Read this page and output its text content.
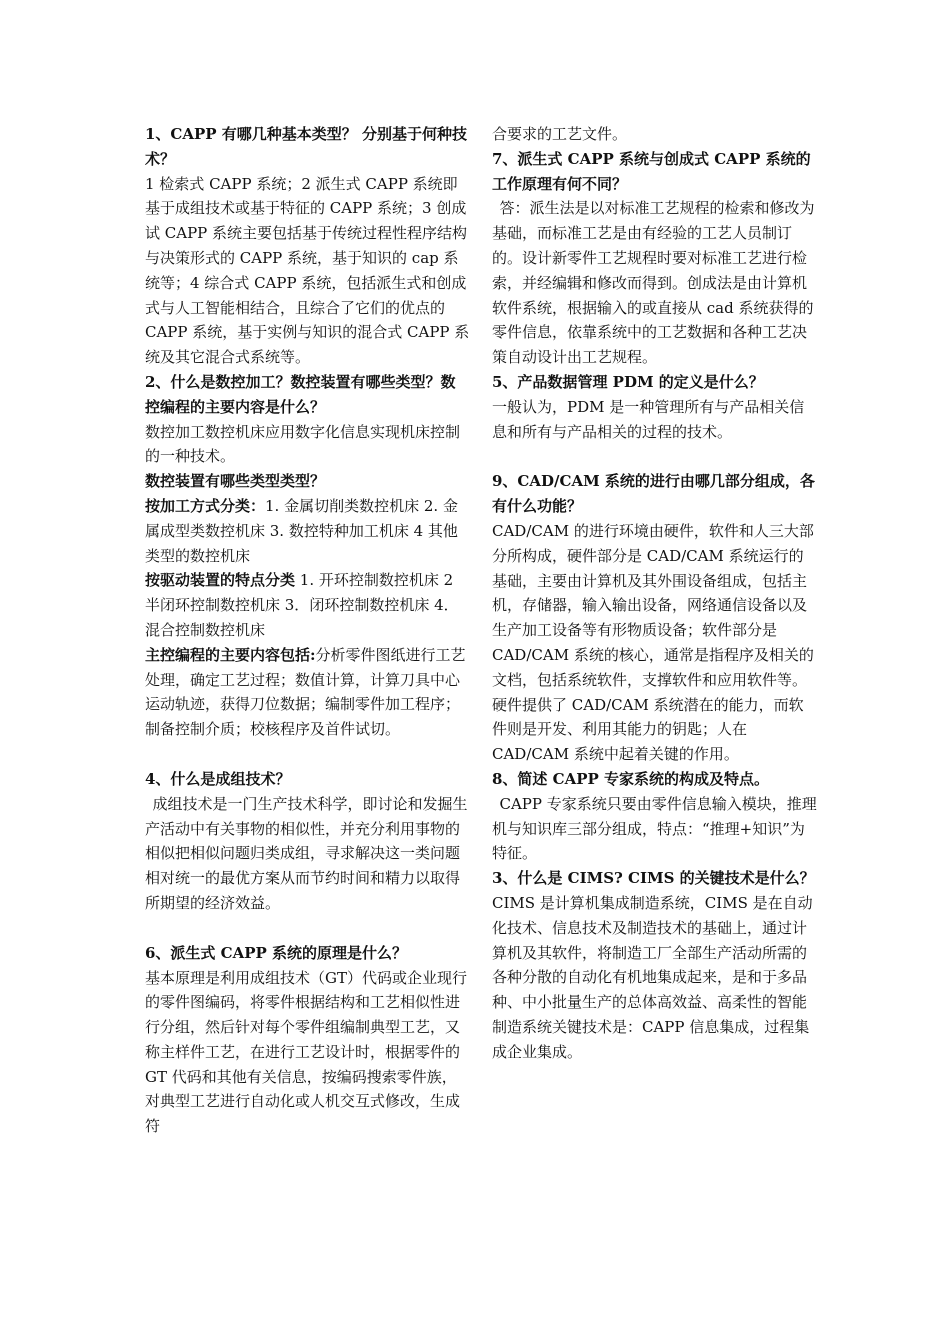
1、CAPP 有哪几种基本类型？ 分别基于何种技术？

1 检索式 CAPP 系统；2 派生式 CAPP 系统即基于成组技术或基于特征的 CAPP 系统；3 创成试 CAPP 系统主要包括基于传统过程性程序结构与决策形式的 CAPP 系统，基于知识的 cap 系统等；4 综合式 CAPP 系统，包括派生式和创成式与人工智能相结合，且综合了它们的优点的 CAPP 系统，基于实例与知识的混合式 CAPP 系统及其它混合式系统等。

2、什么是数控加工？数控装置有哪些类型？数控编程的主要内容是什么？

数控加工数控机床应用数字化信息实现机床控制的一种技术。

数控装置有哪些类型类型？

按加工方式分类：1. 金属切削类数控机床 2. 金属成型类数控机床 3. 数控特种加工机床 4 其他类型的数控机床

按驱动装置的特点分类 1. 开环控制数控机床 2 半闭环控制数控机床 3．闭环控制数控机床 4．混合控制数控机床

主控编程的主要内容包括:分析零件图纸进行工艺处理，确定工艺过程；数值计算，计算刀具中心运动轨迹，获得刀位数据；编制零件加工程序；制备控制介质；校核程序及首件试切。

4、什么是成组技术？

成组技术是一门生产技术科学，即讨论和发掘生产活动中有关事物的相似性，并充分利用事物的相似把相似问题归类成组，寻求解决这一类问题相对统一的最优方案从而节约时间和精力以取得所期望的经济效益。

6、派生式 CAPP 系统的原理是什么？

基本原理是利用成组技术（GT）代码或企业现行的零件图编码，将零件根据结构和工艺相似性进行分组，然后针对每个零件组编制典型工艺，又称主样件工艺，在进行工艺设计时，根据零件的 GT 代码和其他有关信息，按编码搜索零件族，对典型工艺进行自动化或人机交互式修改，生成符

合要求的工艺文件。

7、派生式 CAPP 系统与创成式 CAPP 系统的工作原理有何不同？

答：派生法是以对标准工艺规程的检索和修改为基础，而标准工艺是由有经验的工艺人员制订的。设计新零件工艺规程时要对标准工艺进行检索，并经编辑和修改而得到。创成法是由计算机软件系统，根据输入的或直接从 cad 系统获得的零件信息，依靠系统中的工艺数据和各种工艺决策自动设计出工艺规程。

5、产品数据管理 PDM 的定义是什么？

一般认为，PDM 是一种管理所有与产品相关信息和所有与产品相关的过程的技术。

9、CAD/CAM 系统的进行由哪几部分组成，各有什么功能？

CAD/CAM 的进行环境由硬件，软件和人三大部分所构成，硬件部分是 CAD/CAM 系统运行的基础，主要由计算机及其外围设备组成，包括主机，存储器，输入输出设备，网络通信设备以及生产加工设备等有形物质设备；软件部分是 CAD/CAM 系统的核心，通常是指程序及相关的文档，包括系统软件，支撑软件和应用软件等。硬件提供了 CAD/CAM 系统潜在的能力，而软件则是开发、利用其能力的钥匙；人在 CAD/CAM 系统中起着关键的作用。

8、简述 CAPP 专家系统的构成及特点。

CAPP 专家系统只要由零件信息输入模块，推理机与知识库三部分组成，特点：“推理+知识”为特征。

3、什么是 CIMS? CIMS 的关键技术是什么？

CIMS 是计算机集成制造系统，CIMS 是在自动化技术、信息技术及制造技术的基础上，通过计算机及其软件，将制造工厂全部生产活动所需的各种分散的自动化有机地集成起来，是和于多品种、中小批量生产的总体高效益、高柔性的智能制造系统关键技术是：CAPP 信息集成，过程集成企业集成。
